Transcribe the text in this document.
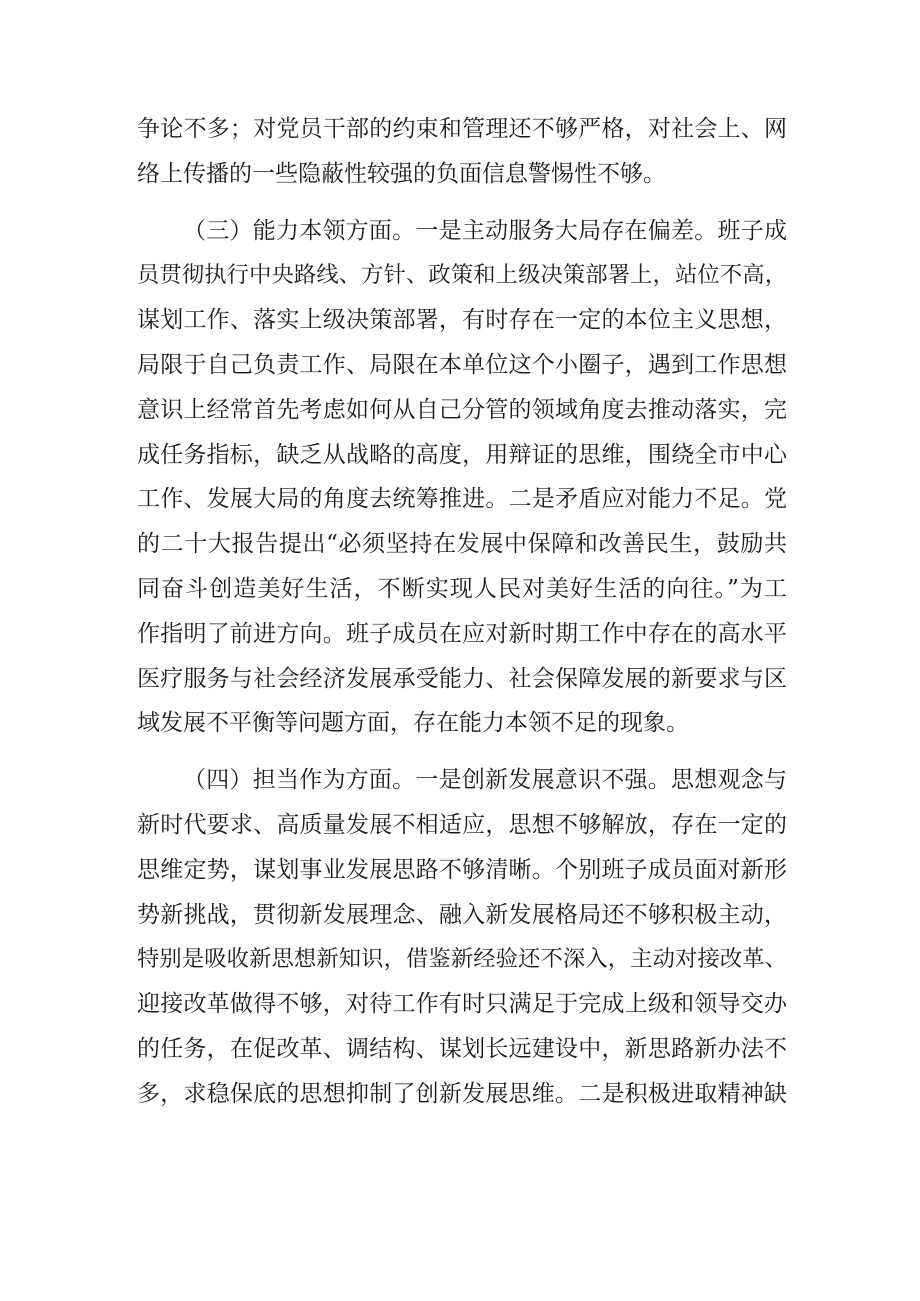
争论不多；对党员干部的约束和管理还不够严格，对社会上、网
络上传播的一些隐蔽性较强的负面信息警惕性不够。
（三）能力本领方面。一是主动服务大局存在偏差。班子成
员贯彻执行中央路线、方针、政策和上级决策部署上，站位不高，
谋划工作、落实上级决策部署，有时存在一定的本位主义思想，
局限于自己负责工作、局限在本单位这个小圈子，遇到工作思想
意识上经常首先考虑如何从自己分管的领域角度去推动落实，完
成任务指标，缺乏从战略的高度，用辩证的思维，围绕全市中心
工作、发展大局的角度去统筹推进。二是矛盾应对能力不足。党
的二十大报告提出“必须坚持在发展中保障和改善民生，鼓励共
同奋斗创造美好生活，不断实现人民对美好生活的向往。”为工
作指明了前进方向。班子成员在应对新时期工作中存在的高水平
医疗服务与社会经济发展承受能力、社会保障发展的新要求与区
域发展不平衡等问题方面，存在能力本领不足的现象。
（四）担当作为方面。一是创新发展意识不强。思想观念与
新时代要求、高质量发展不相适应，思想不够解放，存在一定的
思维定势，谋划事业发展思路不够清晰。个别班子成员面对新形
势新挑战，贯彻新发展理念、融入新发展格局还不够积极主动，
特别是吸收新思想新知识，借鉴新经验还不深入，主动对接改革、
迎接改革做得不够，对待工作有时只满足于完成上级和领导交办
的任务，在促改革、调结构、谋划长远建设中，新思路新办法不
多，求稳保底的思想抑制了创新发展思维。二是积极进取精神缺
